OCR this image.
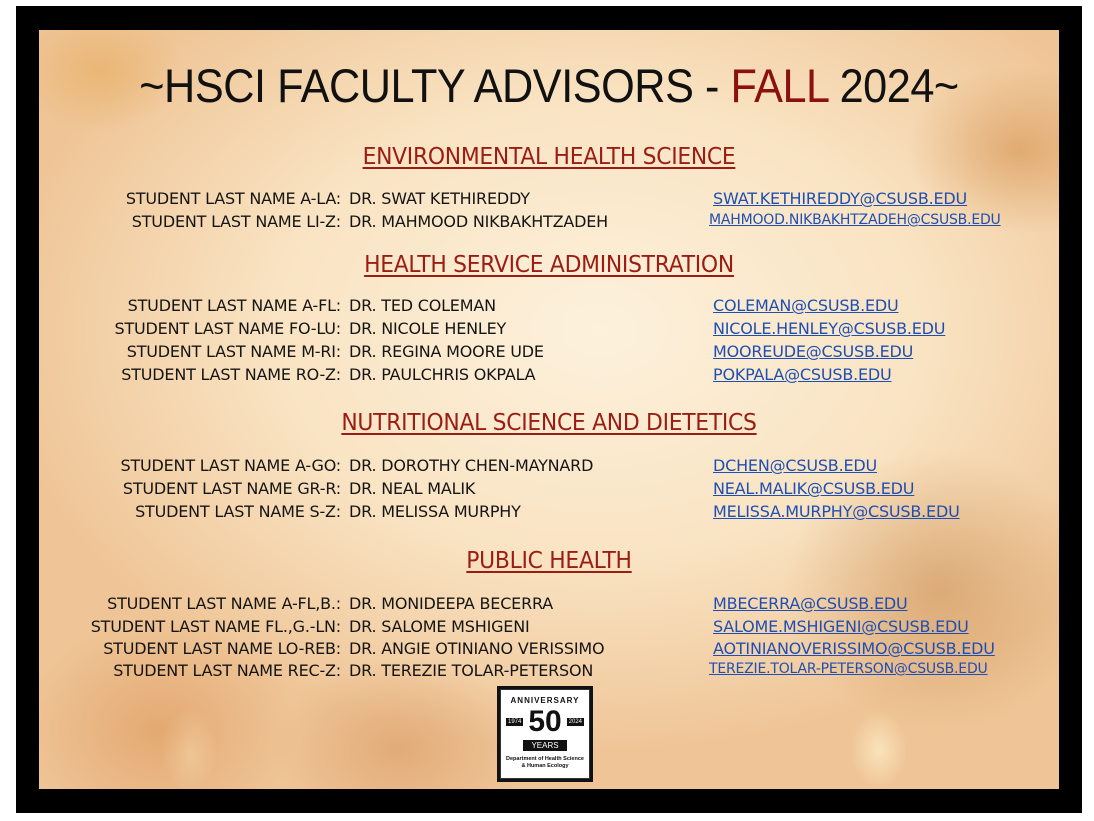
~HSCI FACULTY ADVISORS - FALL 2024~
ENVIRONMENTAL HEALTH SCIENCE
STUDENT LAST NAME A-LA: DR. SWAT KETHIREDDY	SWAT.KETHIREDDY@CSUSB.EDU
STUDENT LAST NAME LI-Z: DR. MAHMOOD NIKBAKHTZADEH	MAHMOOD.NIKBAKHTZADEH@CSUSB.EDU
HEALTH SERVICE ADMINISTRATION
STUDENT LAST NAME A-FL: DR. TED COLEMAN	COLEMAN@CSUSB.EDU
STUDENT LAST NAME FO-LU: DR. NICOLE HENLEY	NICOLE.HENLEY@CSUSB.EDU
STUDENT LAST NAME M-RI: DR. REGINA MOORE UDE	MOOREUDE@CSUSB.EDU
STUDENT LAST NAME RO-Z: DR. PAULCHRIS OKPALA	POKPALA@CSUSB.EDU
NUTRITIONAL SCIENCE AND DIETETICS
STUDENT LAST NAME A-GO: DR. DOROTHY CHEN-MAYNARD	DCHEN@CSUSB.EDU
STUDENT LAST NAME GR-R: DR. NEAL MALIK	NEAL.MALIK@CSUSB.EDU
STUDENT LAST NAME S-Z: DR. MELISSA MURPHY	MELISSA.MURPHY@CSUSB.EDU
PUBLIC HEALTH
STUDENT LAST NAME A-FL,B.: DR. MONIDEEPA BECERRA	MBECERRA@CSUSB.EDU
STUDENT LAST NAME FL.,G.-LN: DR. SALOME MSHIGENI	SALOME.MSHIGENI@CSUSB.EDU
STUDENT LAST NAME LO-REB: DR. ANGIE OTINIANO VERISSIMO	AOTINIANOVERISSIMO@CSUSB.EDU
STUDENT LAST NAME REC-Z: DR. TEREZIE TOLAR-PETERSON	TEREZIE.TOLAR-PETERSON@CSUSB.EDU
ANNIVERSARY
1974 50	2024
YEARS
Department of Health Science
& Human Ecology
